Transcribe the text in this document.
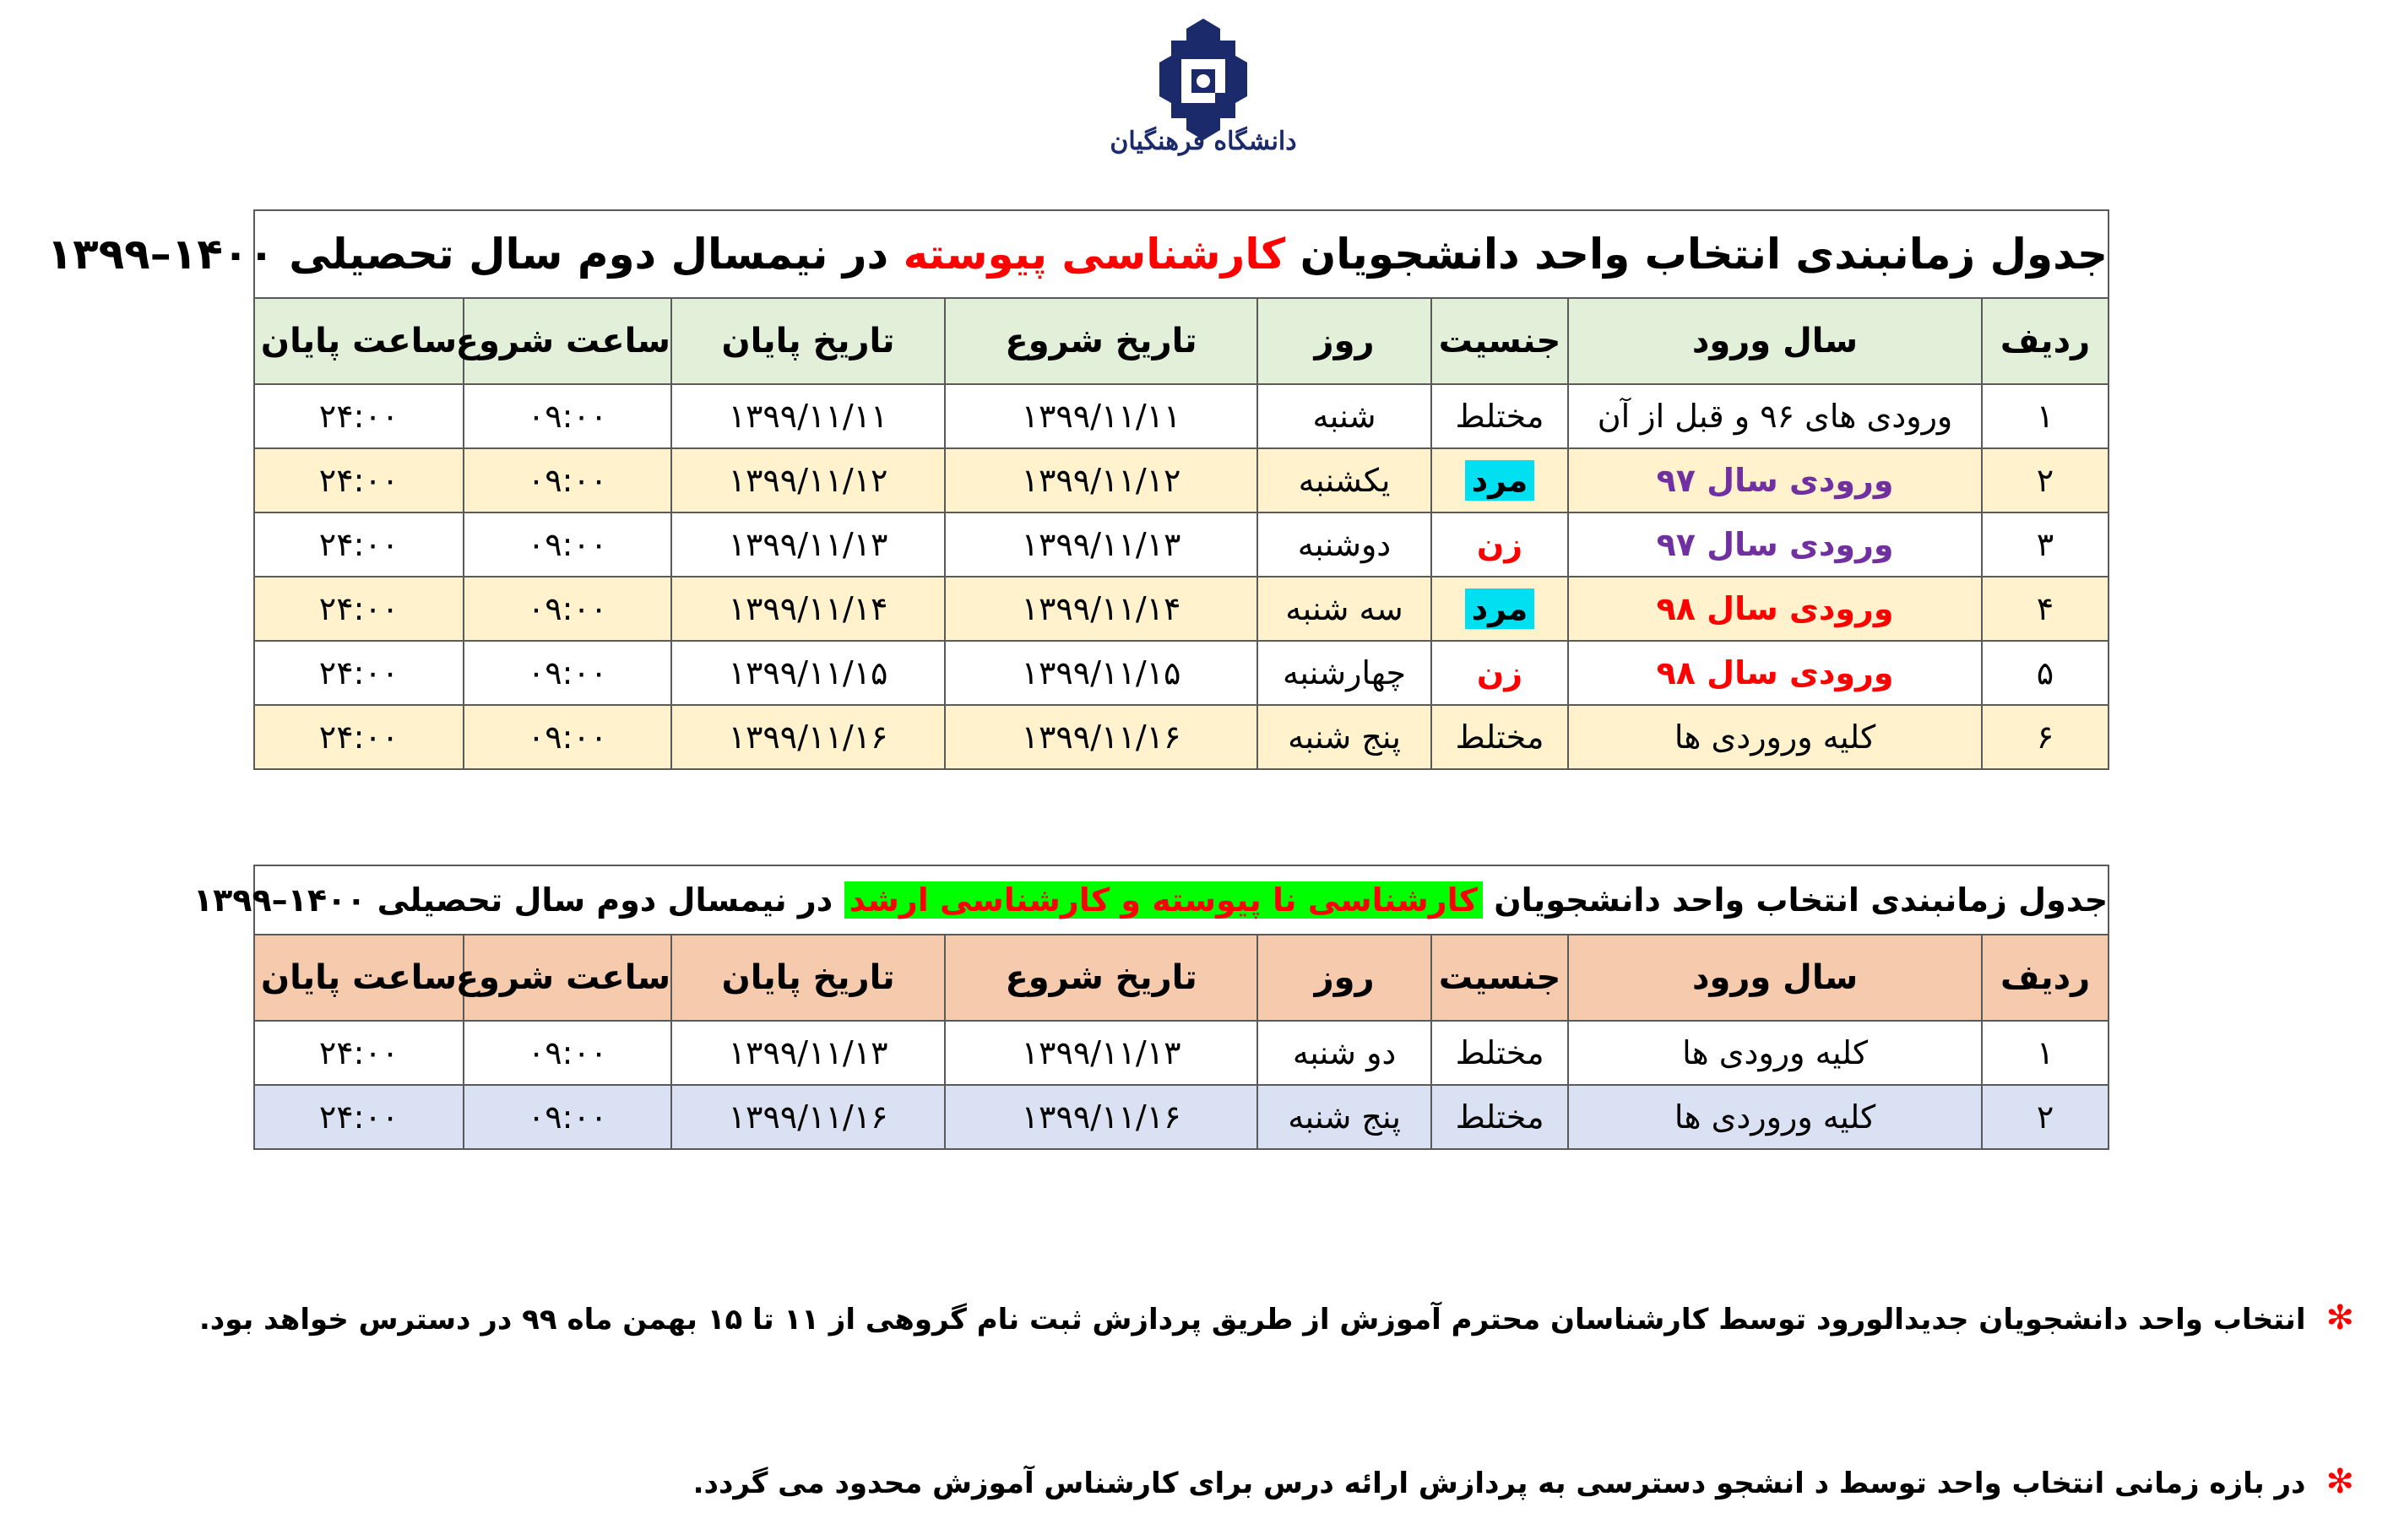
دانشگاه فرهنگیان
جدول زمانبندی انتخاب واحد دانشجویان کارشناسی پیوسته در نیمسال دوم سال تحصیلی ۱۴۰۰–۱۳۹۹							
ردیف	سال ورود	جنسیت	روز	تاریخ شروع	تاریخ پایان	ساعت شروع	ساعت پایان
۱	ورودی های ۹۶ و قبل از آن	مختلط	شنبه	۱۳۹۹/۱۱/۱۱	۱۳۹۹/۱۱/۱۱	۰۹:۰۰	۲۴:۰۰
۲	ورودی سال ۹۷	مرد	یکشنبه	۱۳۹۹/۱۱/۱۲	۱۳۹۹/۱۱/۱۲	۰۹:۰۰	۲۴:۰۰
۳	ورودی سال ۹۷	زن	دوشنبه	۱۳۹۹/۱۱/۱۳	۱۳۹۹/۱۱/۱۳	۰۹:۰۰	۲۴:۰۰
۴	ورودی سال ۹۸	مرد	سه شنبه	۱۳۹۹/۱۱/۱۴	۱۳۹۹/۱۱/۱۴	۰۹:۰۰	۲۴:۰۰
۵	ورودی سال ۹۸	زن	چهارشنبه	۱۳۹۹/۱۱/۱۵	۱۳۹۹/۱۱/۱۵	۰۹:۰۰	۲۴:۰۰
۶	کلیه ورورد‌ی ها	مختلط	پنج شنبه	۱۳۹۹/۱۱/۱۶	۱۳۹۹/۱۱/۱۶	۰۹:۰۰	۲۴:۰۰
جدول زمانبندی انتخاب واحد دانشجویان کارشناسی نا پیوسته و کارشناسی ارشد در نیمسال دوم سال تحصیلی ۱۴۰۰–۱۳۹۹							
ردیف	سال ورود	جنسیت	روز	تاریخ شروع	تاریخ پایان	ساعت شروع	ساعت پایان
۱	کلیه ورودی ها	مختلط	دو شنبه	۱۳۹۹/۱۱/۱۳	۱۳۹۹/۱۱/۱۳	۰۹:۰۰	۲۴:۰۰
۲	کلیه ورورد‌ی ها	مختلط	پنج شنبه	۱۳۹۹/۱۱/۱۶	۱۳۹۹/۱۱/۱۶	۰۹:۰۰	۲۴:۰۰
✻انتخاب واحد دانشجویان جدیدالورود توسط کارشناسان محترم آموزش از طریق پردازش ثبت نام گروهی از ۱۱ تا ۱۵ بهمن ماه ۹۹ در دسترس خواهد بود.
✻در بازه زمانی انتخاب واحد توسط د انشجو دسترسی به پردازش ارائه درس برای کارشناس آموزش محدود می گردد.
